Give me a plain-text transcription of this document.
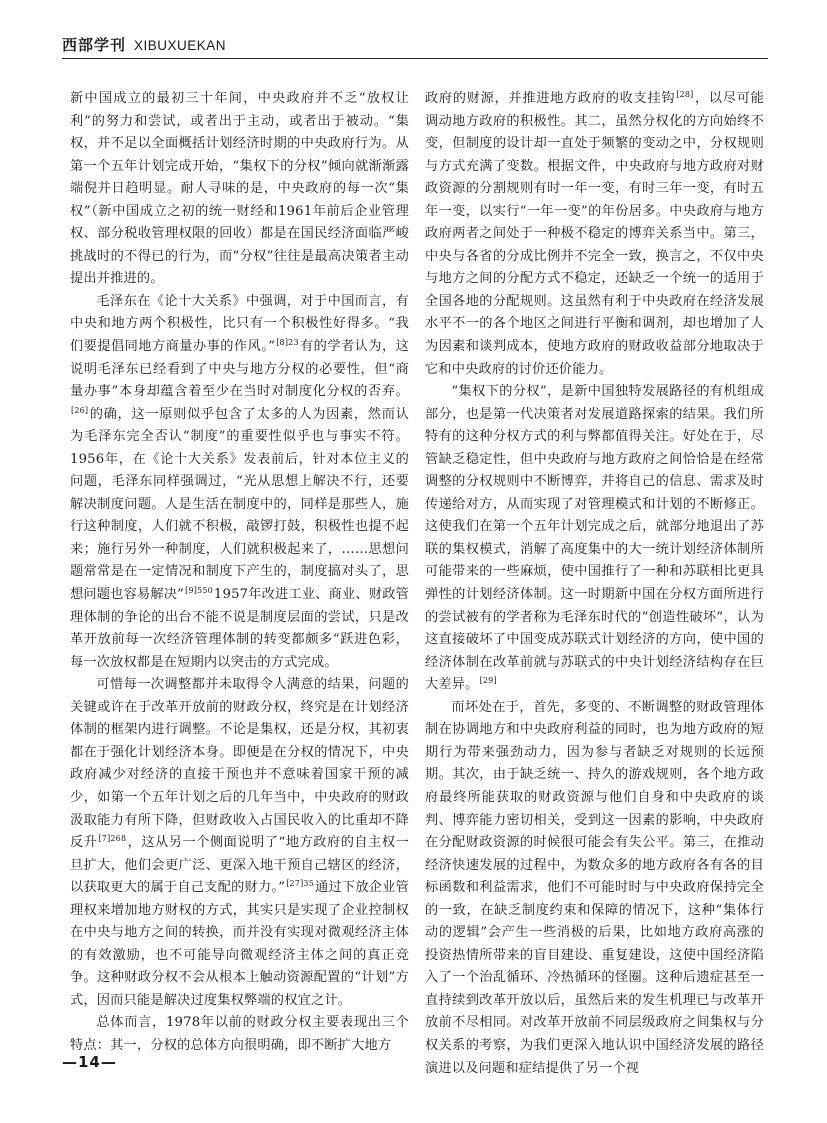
西部学刊 XIBUXUEKAN

新中国成立的最初三十年间，中央政府并不乏“放权让利”的努力和尝试，或者出于主动，或者出于被动。“集权，并不足以全面概括计划经济时期的中央政府行为。从第一个五年计划完成开始，“集权下的分权”倾向就渐渐露端倪并日趋明显。耐人寻味的是，中央政府的每一次“集权”（新中国成立之初的统一财经和1961年前后企业管理权、部分税收管理权限的回收）都是在国民经济面临严峻挑战时的不得已的行为，而“分权”往往是最高决策者主动提出并推进的。

毛泽东在《论十大关系》中强调，对于中国而言，有中央和地方两个积极性，比只有一个积极性好得多。“我们要提倡同地方商量办事的作风。”$^{[8]23}$有的学者认为，这说明毛泽东已经看到了中央与地方分权的必要性，但“商量办事”本身却蕴含着至少在当时对制度化分权的否弃。[26]的确，这一原则似乎包含了太多的人为因素，然而认为毛泽东完全否认“制度”的重要性似乎也与事实不符。1956年，在《论十大关系》发表前后，针对本位主义的问题，毛泽东同样强调过，“光从思想上解决不行，还要解决制度问题。人是生活在制度中的，同样是那些人，施行这种制度，人们就不积极，敲锣打鼓，积极性也提不起来；施行另外一种制度，人们就积极起来了，……思想问题常常是在一定情况和制度下产生的，制度搞对头了，思想问题也容易解决”$^{[9]550}$1957年改进工业、商业、财政管理体制的争论的出台不能不说是制度层面的尝试，只是改革开放前每一次经济管理体制的转变都颇多“跃进色彩，每一次放权都是在短期内以突击的方式完成。

可惜每一次调整都并未取得令人满意的结果，问题的关键或许在于改革开放前的财政分权，终究是在计划经济体制的框架内进行调整。不论是集权，还是分权，其初衷都在于强化计划经济本身。即便是在分权的情况下，中央政府减少对经济的直接干预也并不意味着国家干预的减少，如第一个五年计划之后的几年当中，中央政府的财政汲取能力有所下降，但财政收入占国民收入的比重却不降反升$^{[7]268}$，这从另一个侧面说明了“地方政府的自主权一旦扩大，他们会更广泛、更深入地干预自己辖区的经济，以获取更大的属于自己支配的财力。”$^{[27]35}$通过下放企业管理权来增加地方财权的方式，其实只是实现了企业控制权在中央与地方之间的转换，而并没有实现对微观经济主体的有效激励，也不可能导向微观经济主体之间的真正竞争。这种财政分权不会从根本上触动资源配置的“计划”方式，因而只能是解决过度集权弊端的权宜之计。

总体而言，1978年以前的财政分权主要表现出三个特点：其一，分权的总体方向很明确，即不断扩大地方

政府的财源，并推进地方政府的收支挂钩[28]，以尽可能调动地方政府的积极性。其二，虽然分权化的方向始终不变，但制度的设计却一直处于频繁的变动之中，分权规则与方式充满了变数。根据文件，中央政府与地方政府对财政资源的分割规则有时一年一变，有时三年一变，有时五年一变，以实行“一年一变”的年份居多。中央政府与地方政府两者之间处于一种极不稳定的博弈关系当中。第三，中央与各省的分成比例并不完全一致，换言之，不仅中央与地方之间的分配方式不稳定，还缺乏一个统一的适用于全国各地的分配规则。这虽然有利于中央政府在经济发展水平不一的各个地区之间进行平衡和调剂，却也增加了人为因素和谈判成本，使地方政府的财政收益部分地取决于它和中央政府的讨价还价能力。

“集权下的分权”，是新中国独特发展路径的有机组成部分，也是第一代决策者对发展道路探索的结果。我们所特有的这种分权方式的利与弊都值得关注。好处在于，尽管缺乏稳定性，但中央政府与地方政府之间恰恰是在经常调整的分权规则中不断博弈，并将自己的信息、需求及时传递给对方，从而实现了对管理模式和计划的不断修正。这使我们在第一个五年计划完成之后，就部分地退出了苏联的集权模式，消解了高度集中的大一统计划经济体制所可能带来的一些麻烦，使中国推行了一种和苏联相比更具弹性的计划经济体制。这一时期新中国在分权方面所进行的尝试被有的学者称为毛泽东时代的“创造性破坏”，认为这直接破坏了中国变成苏联式计划经济的方向，使中国的经济体制在改革前就与苏联式的中央计划经济结构存在巨大差异。[29]

而坏处在于，首先，多变的、不断调整的财政管理体制在协调地方和中央政府利益的同时，也为地方政府的短期行为带来强劲动力，因为参与者缺乏对规则的长远预期。其次，由于缺乏统一、持久的游戏规则，各个地方政府最终所能获取的财政资源与他们自身和中央政府的谈判、博弈能力密切相关，受到这一因素的影响，中央政府在分配财政资源的时候很可能会有失公平。第三，在推动经济快速发展的过程中，为数众多的地方政府各有各的目标函数和利益需求，他们不可能时时与中央政府保持完全的一致，在缺乏制度约束和保障的情况下，这种“集体行动的逻辑”会产生一些消极的后果，比如地方政府高涨的投资热情所带来的盲目建设、重复建设，这使中国经济陷入了一个治乱循环、冷热循环的怪圈。这种后遗症甚至一直持续到改革开放以后，虽然后来的发生机理已与改革开放前不尽相同。对改革开放前不同层级政府之间集权与分权关系的考察，为我们更深入地认识中国经济发展的路径演进以及问题和症结提供了另一个视

—14—
